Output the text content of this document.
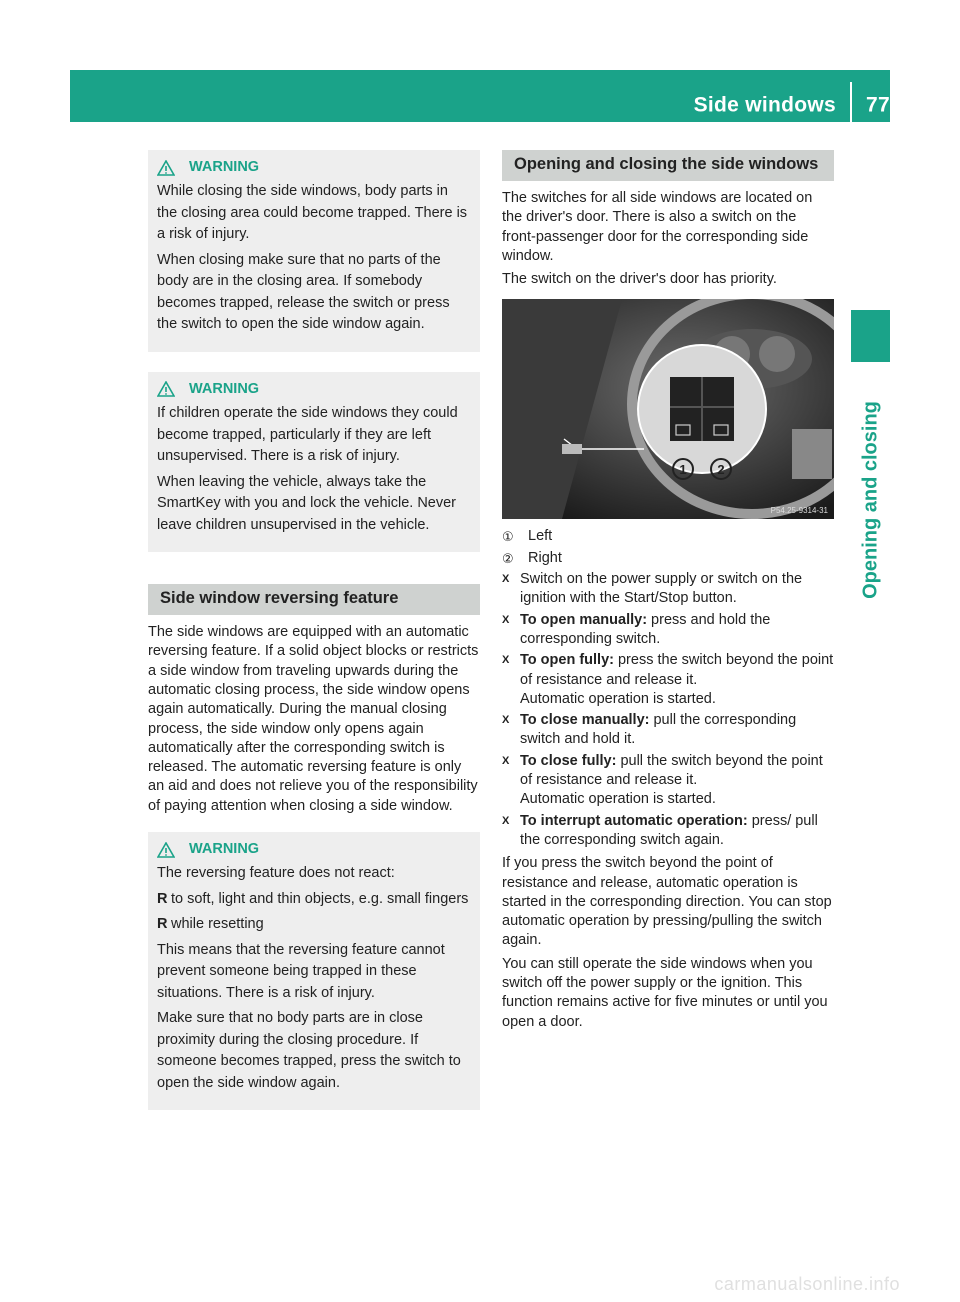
Side windows 77
Opening and closing
WARNING

While closing the side windows, body parts in the closing area could become trapped. There is a risk of injury.

When closing make sure that no parts of the body are in the closing area. If somebody becomes trapped, release the switch or press the switch to open the side window again.

WARNING

If children operate the side windows they could become trapped, particularly if they are left unsupervised. There is a risk of injury.

When leaving the vehicle, always take the SmartKey with you and lock the vehicle. Never leave children unsupervised in the vehicle.

Side window reversing feature

The side windows are equipped with an automatic reversing feature. If a solid object blocks or restricts a side window from traveling upwards during the automatic closing process, the side window opens again automatically. During the manual closing process, the side window only opens again automatically after the corresponding switch is released. The automatic reversing feature is only an aid and does not relieve you of the responsibility of paying attention when closing a side window.

WARNING

The reversing feature does not react:

R to soft, light and thin objects, e.g. small fingers
R while resetting

This means that the reversing feature cannot prevent someone being trapped in these situations. There is a risk of injury.

Make sure that no body parts are in close proximity during the closing procedure. If someone becomes trapped, press the switch to open the side window again.

Opening and closing the side windows

The switches for all side windows are located on the driver's door. There is also a switch on the front-passenger door for the corresponding side window.

The switch on the driver's door has priority.

1 2
P54.25-9314-31
① Left
② Right
X Switch on the power supply or switch on the ignition with the Start/Stop button.
X To open manually: press and hold the corresponding switch.
X To open fully: press the switch beyond the point of resistance and release it.
Automatic operation is started.
X To close manually: pull the corresponding switch and hold it.
X To close fully: pull the switch beyond the point of resistance and release it.
Automatic operation is started.
X To interrupt automatic operation: press/ pull the corresponding switch again.

If you press the switch beyond the point of resistance and release, automatic operation is started in the corresponding direction. You can stop automatic operation by pressing/pulling the switch again.

You can still operate the side windows when you switch off the power supply or the ignition. This function remains active for five minutes or until you open a door.

carmanualsonline.info
